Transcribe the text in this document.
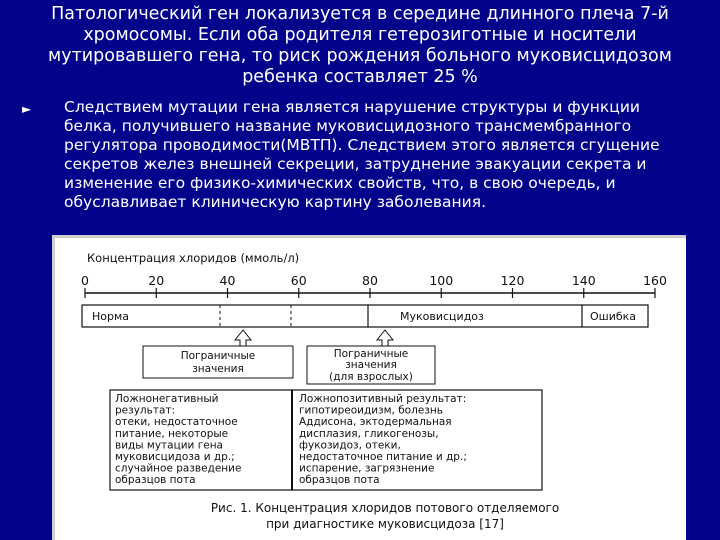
Патологический ген локализуется в середине длинного плеча 7-й хромосомы. Если оба родителя гетерозиготные и носители мутировавшего гена, то риск рождения больного муковисцидозом ребенка составляет 25 %
► Следствием мутации гена является нарушение структуры и функции белка, получившего название муковисцидозного трансмембранного регулятора проводимости(МВТП). Следствием этого является сгущение секретов желез внешней секреции, затруднение эвакуации секрета и изменение его физико-химических свойств, что, в свою очередь, и обуславливает клиническую картину заболевания.
Концентрация хлоридов (ммоль/л)
0	20	40	60	80	100	120	140	160
Норма	Муковисцидоз	Ошибка
Пограничные
значения
Пограничные
значения
(для взрослых)
Ложнонегативный
результат:
отеки, недостаточное
питание, некоторые
виды мутации гена
муковисцидоза и др.;
случайное разведение
образцов пота
Ложнопозитивный результат:
гипотиреоидизм, болезнь
Аддисона, эктодермальная
дисплазия, гликогенозы,
фукозидоз, отеки,
недостаточное питание и др.;
испарение, загрязнение
образцов пота
Рис. 1. Концентрация хлоридов потового отделяемого
при диагностике муковисцидоза [17]
